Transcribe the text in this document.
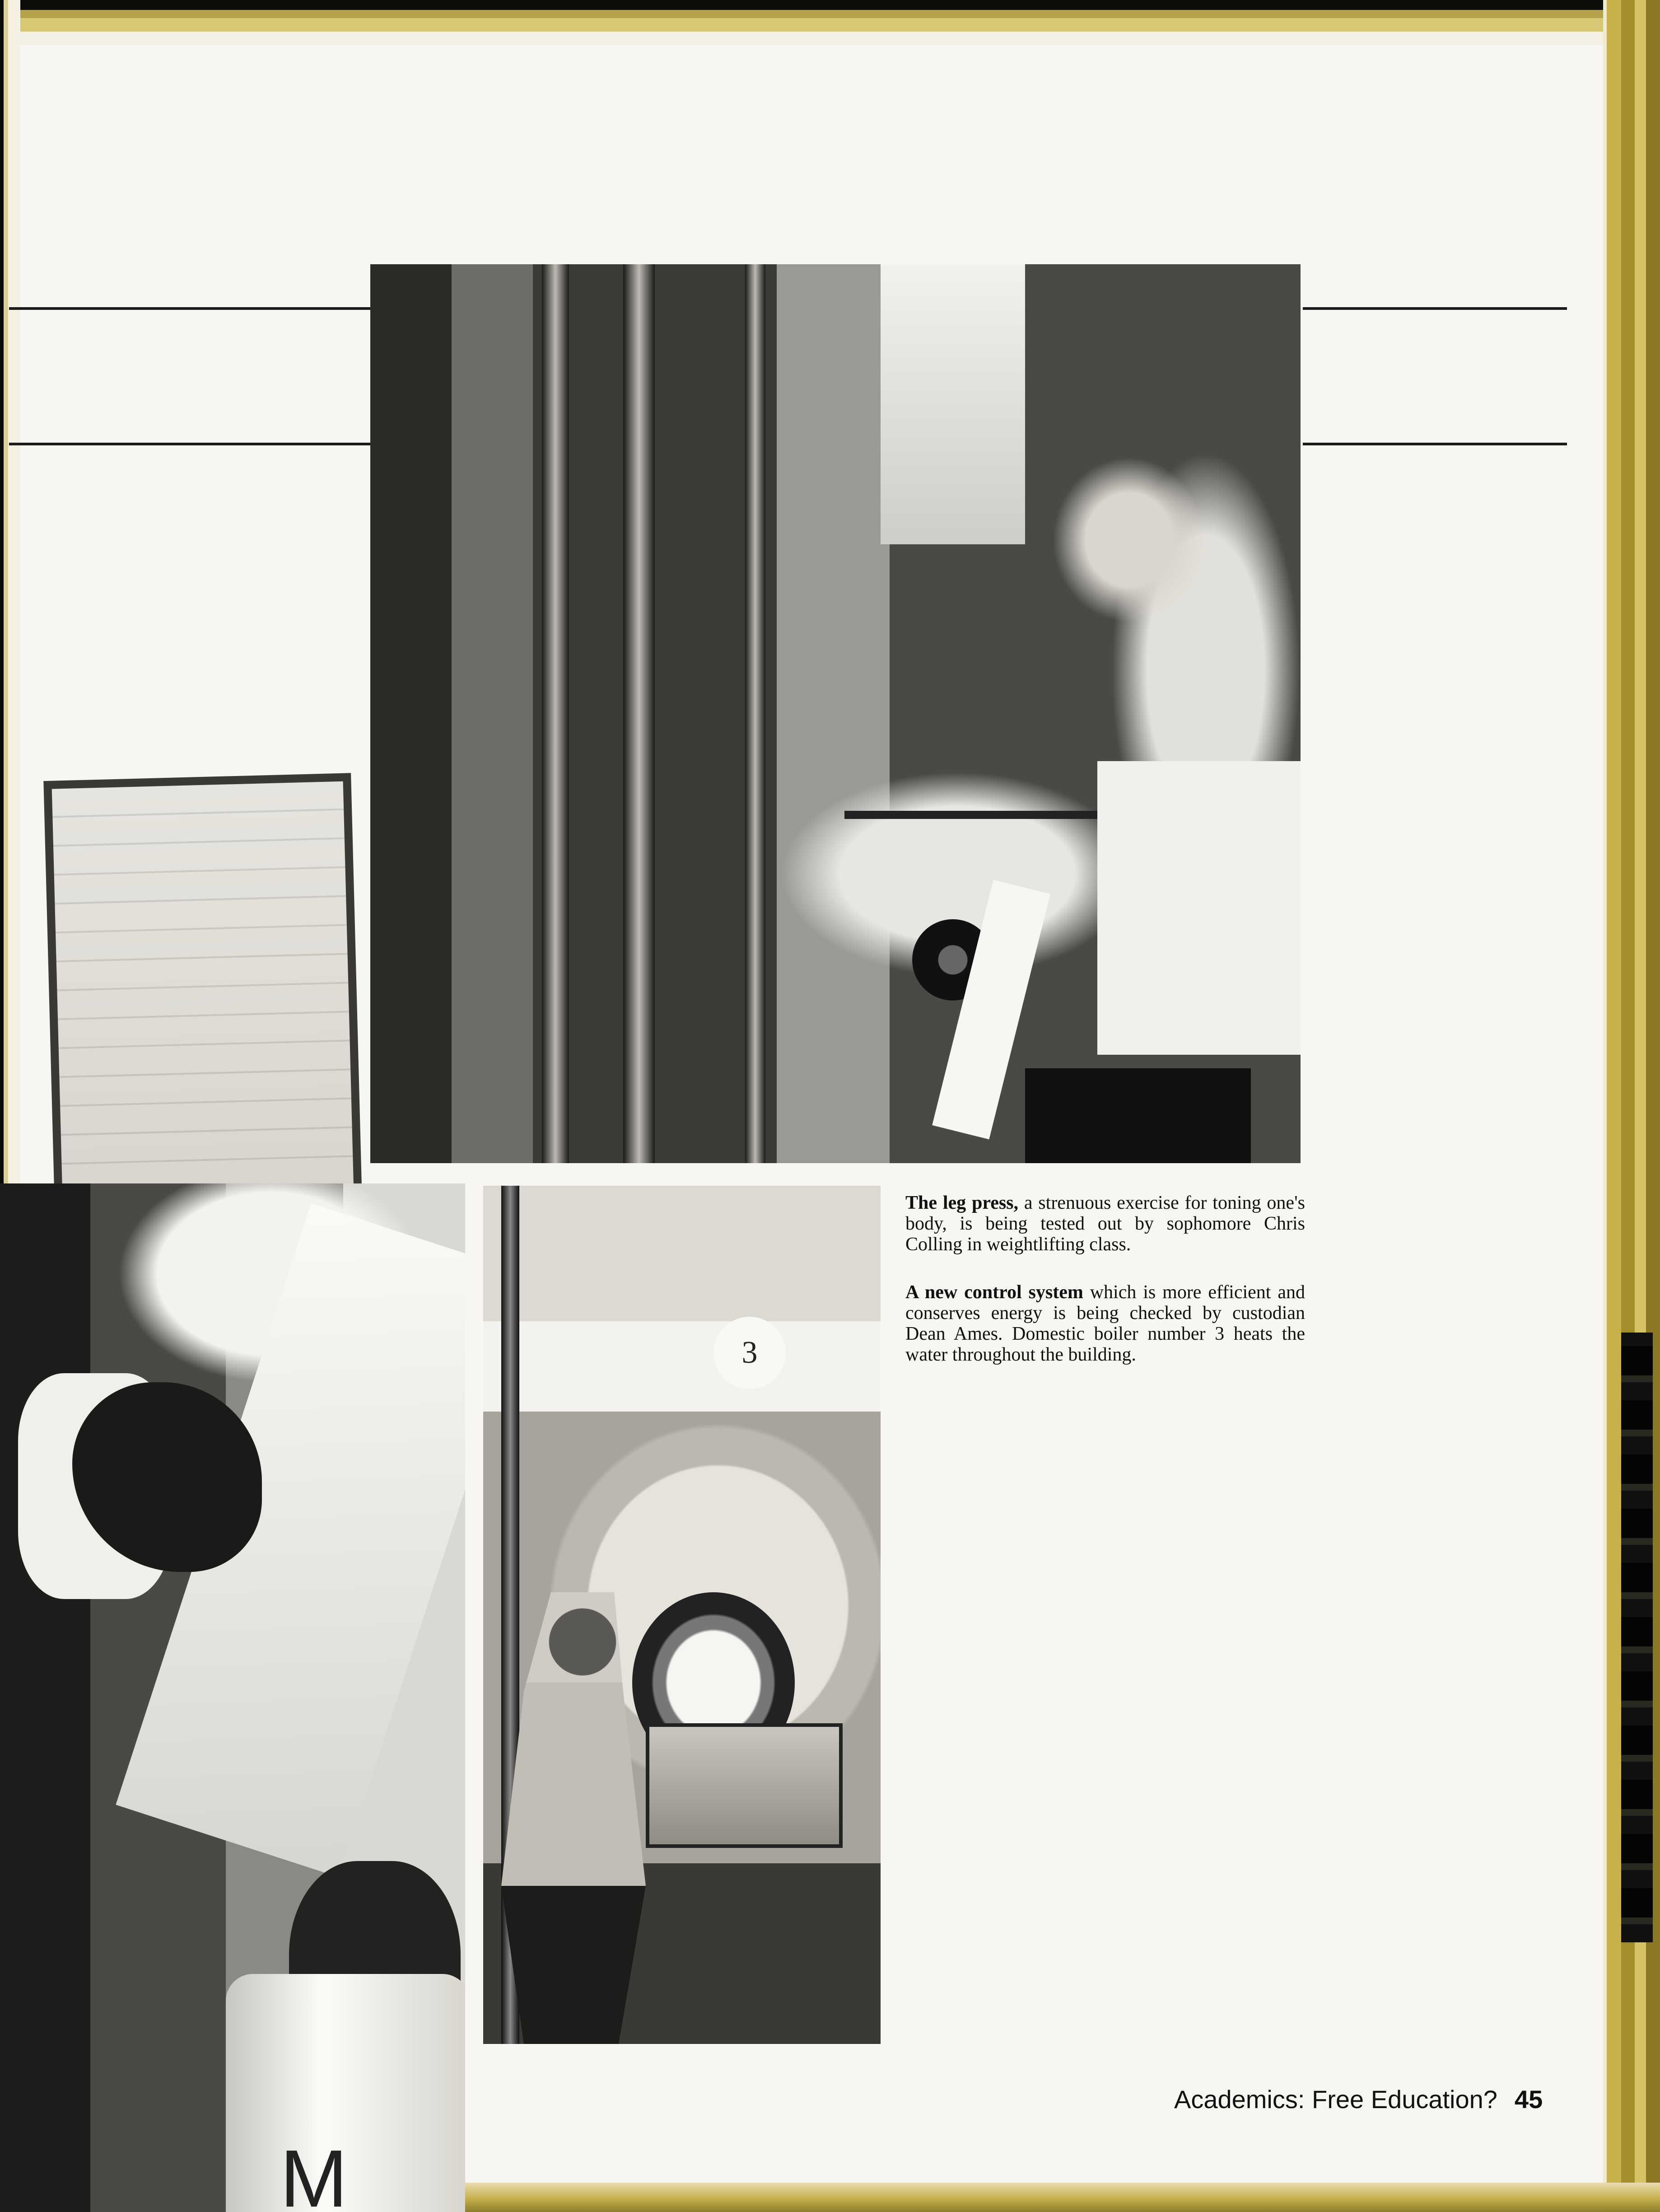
M
3

The leg press, a strenuous exercise for toning one's body, is being tested out by sophomore Chris Colling in weightlifting class.

A new control system which is more efficient and conserves energy is being checked by custodian Dean Ames. Domestic boiler number 3 heats the water throughout the building.

Academics: Free Education? 45
